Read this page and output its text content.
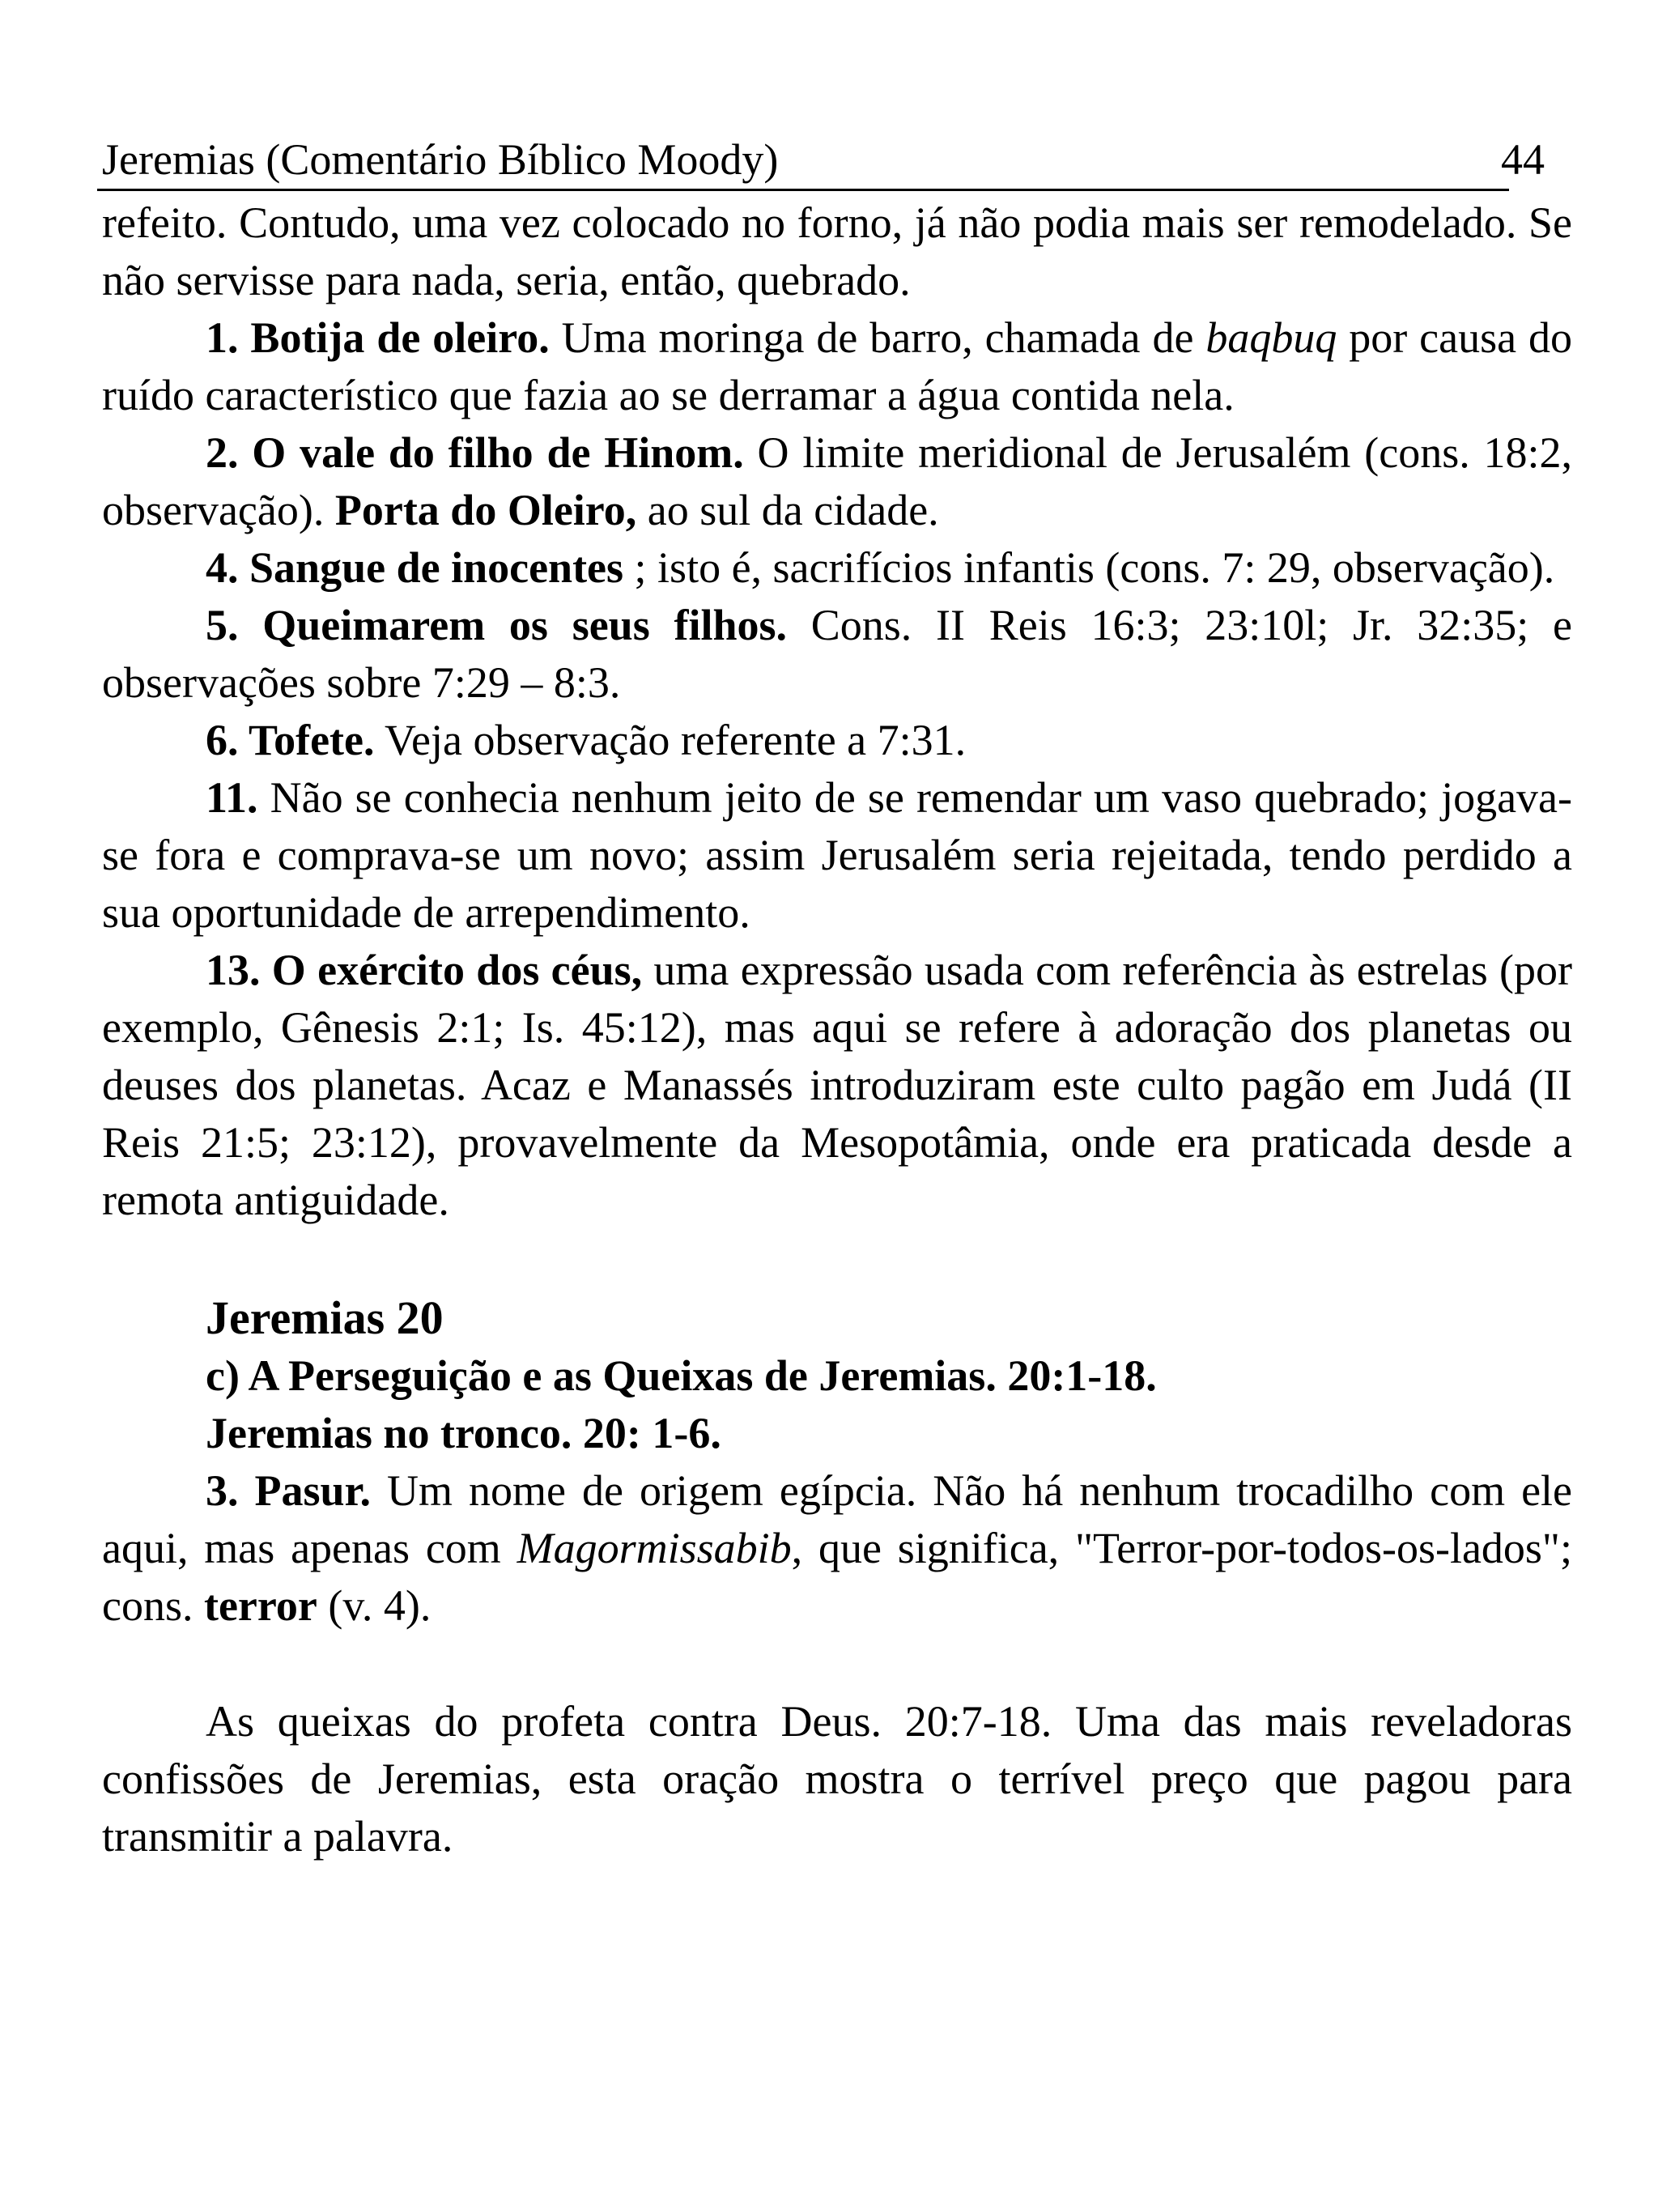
Jeremias (Comentário Bíblico Moody)	44

refeito. Contudo, uma vez colocado no forno, já não podia mais ser remodelado. Se não servisse para nada, seria, então, quebrado.

1. Botija de oleiro. Uma moringa de barro, chamada de baqbuq por causa do ruído característico que fazia ao se derramar a água contida nela.

2. O vale do filho de Hinom. O limite meridional de Jerusalém (cons. 18:2, observação). Porta do Oleiro, ao sul da cidade.

4. Sangue de inocentes ; isto é, sacrifícios infantis (cons. 7: 29, observação).

5. Queimarem os seus filhos. Cons. II Reis 16:3; 23:10l; Jr. 32:35; e observações sobre 7:29 – 8:3.

6. Tofete. Veja observação referente a 7:31.

11. Não se conhecia nenhum jeito de se remendar um vaso quebrado; jogava-se fora e comprava-se um novo; assim Jerusalém seria rejeitada, tendo perdido a sua oportunidade de arrependimento.

13. O exército dos céus, uma expressão usada com referência às estrelas (por exemplo, Gênesis 2:1; Is. 45:12), mas aqui se refere à adoração dos planetas ou deuses dos planetas. Acaz e Manassés introduziram este culto pagão em Judá (II Reis 21:5; 23:12), provavelmente da Mesopotâmia, onde era praticada desde a remota antiguidade.

Jeremias 20

c) A Perseguição e as Queixas de Jeremias. 20:1-18.

Jeremias no tronco. 20: 1-6.

3. Pasur. Um nome de origem egípcia. Não há nenhum trocadilho com ele aqui, mas apenas com Magormissabib, que significa, "Terror-por-todos-os-lados"; cons. terror (v. 4).

As queixas do profeta contra Deus. 20:7-18. Uma das mais reveladoras confissões de Jeremias, esta oração mostra o terrível preço que pagou para transmitir a palavra.
